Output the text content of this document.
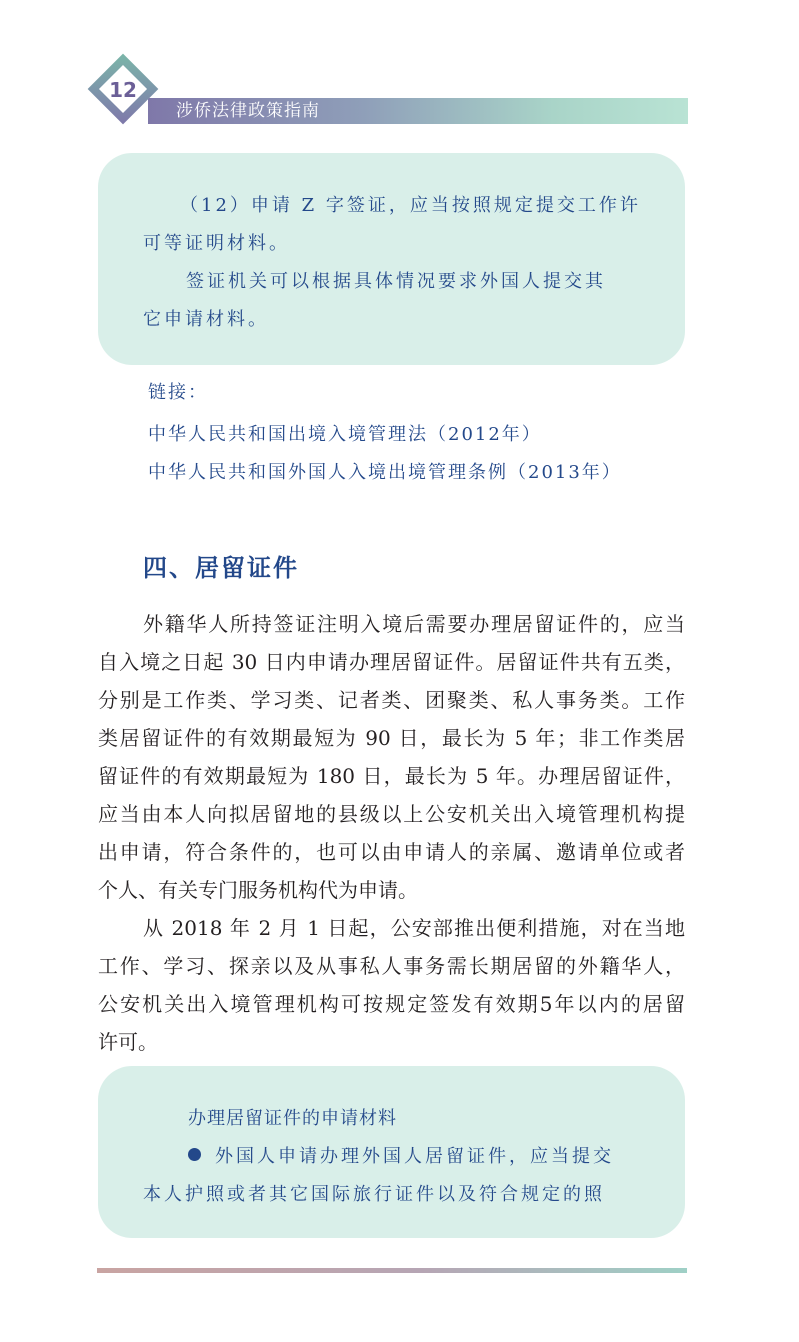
涉侨法律政策指南
12
（12）申请 Z 字签证，应当按照规定提交工作许
可等证明材料。
签证机关可以根据具体情况要求外国人提交其
它申请材料。
链接：
中华人民共和国出境入境管理法（2012年）
中华人民共和国外国人入境出境管理条例（2013年）
四、居留证件
外籍华人所持签证注明入境后需要办理居留证件的，应当
自入境之日起 30 日内申请办理居留证件。居留证件共有五类，
分别是工作类、学习类、记者类、团聚类、私人事务类。工作
类居留证件的有效期最短为 90 日，最长为 5 年；非工作类居
留证件的有效期最短为 180 日，最长为 5 年。办理居留证件，
应当由本人向拟居留地的县级以上公安机关出入境管理机构提
出申请，符合条件的，也可以由申请人的亲属、邀请单位或者
个人、有关专门服务机构代为申请。
从 2018 年 2 月 1 日起，公安部推出便利措施，对在当地
工作、学习、探亲以及从事私人事务需长期居留的外籍华人，
公安机关出入境管理机构可按规定签发有效期5年以内的居留
许可。
办理居留证件的申请材料
外国人申请办理外国人居留证件，应当提交
本人护照或者其它国际旅行证件以及符合规定的照
